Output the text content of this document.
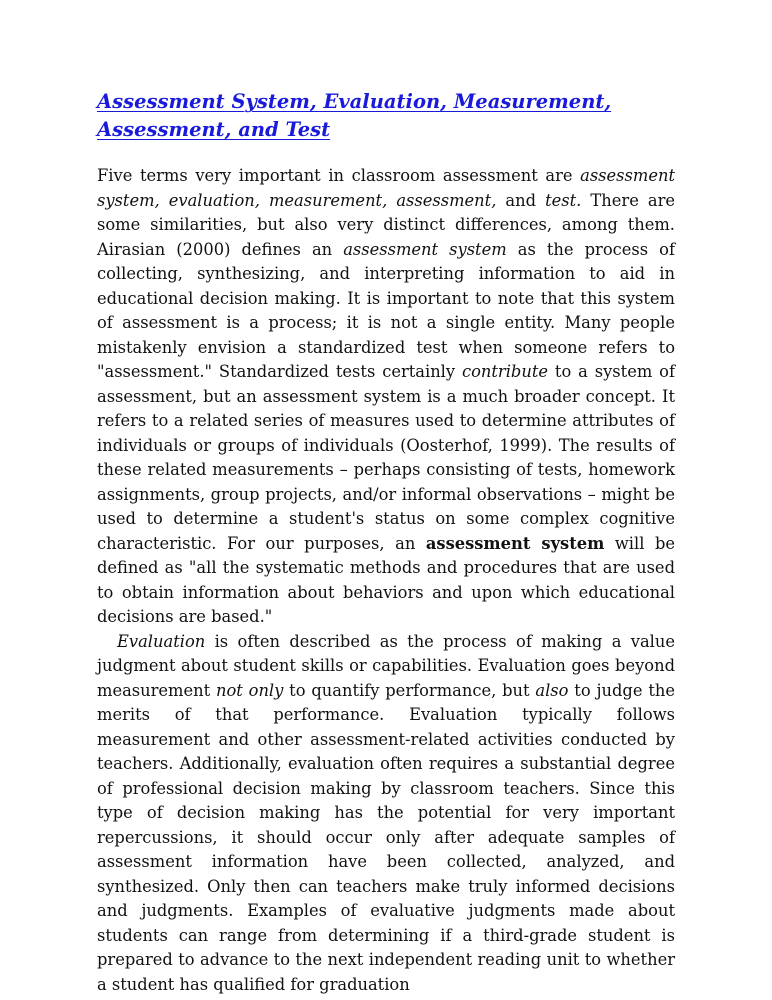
Assessment System, Evaluation, Measurement, Assessment, and Test

Five terms very important in classroom assessment are assessment system, evaluation, measurement, assessment, and test. There are some similarities, but also very distinct differences, among them. Airasian (2000) defines an assessment system as the process of collecting, synthesizing, and interpreting information to aid in educational decision making. It is important to note that this system of assessment is a process; it is not a single entity. Many people mistakenly envision a standardized test when someone refers to "assessment." Standardized tests certainly contribute to a system of assessment, but an assessment system is a much broader concept. It refers to a related series of measures used to determine attributes of individuals or groups of individuals (Oosterhof, 1999). The results of these related measurements – perhaps consisting of tests, homework assignments, group projects, and/or informal observations – might be used to determine a student's status on some complex cognitive characteristic. For our purposes, an assessment system will be defined as "all the systematic methods and procedures that are used to obtain information about behaviors and upon which educational decisions are based."

Evaluation is often described as the process of making a value judgment about student skills or capabilities. Evaluation goes beyond measurement not only to quantify performance, but also to judge the merits of that performance. Evaluation typically follows measurement and other assessment-related activities conducted by teachers. Additionally, evaluation often requires a substantial degree of professional decision making by classroom teachers. Since this type of decision making has the potential for very important repercussions, it should occur only after adequate samples of assessment information have been collected, analyzed, and synthesized. Only then can teachers make truly informed decisions and judgments. Examples of evaluative judgments made about students can range from determining if a third-grade student is prepared to advance to the next independent reading unit to whether a student has qualified for graduation
